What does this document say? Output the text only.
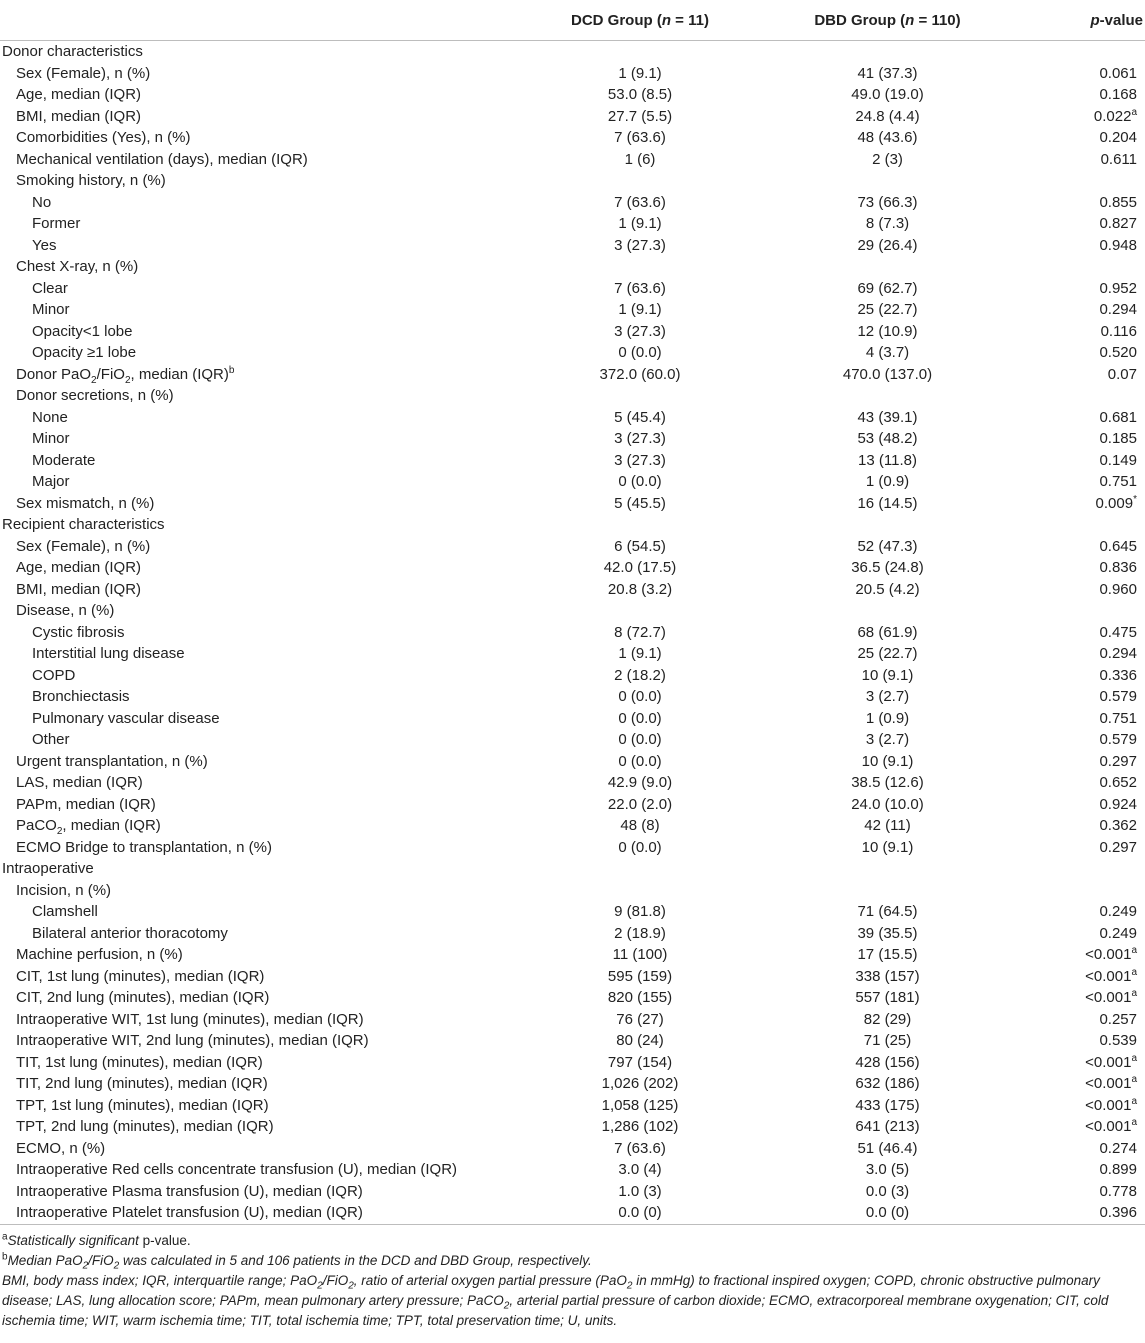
	DCD Group (n = 11)	DBD Group (n = 110)	p-value
Donor characteristics			
Sex (Female), n (%)	1 (9.1)	41 (37.3)	0.061
Age, median (IQR)	53.0 (8.5)	49.0 (19.0)	0.168
BMI, median (IQR)	27.7 (5.5)	24.8 (4.4)	0.022$^a$
Comorbidities (Yes), n (%)	7 (63.6)	48 (43.6)	0.204
Mechanical ventilation (days), median (IQR)	1 (6)	2 (3)	0.611
Smoking history, n (%)			
No	7 (63.6)	73 (66.3)	0.855
Former	1 (9.1)	8 (7.3)	0.827
Yes	3 (27.3)	29 (26.4)	0.948
Chest X-ray, n (%)			
Clear	7 (63.6)	69 (62.7)	0.952
Minor	1 (9.1)	25 (22.7)	0.294
Opacity<1 lobe	3 (27.3)	12 (10.9)	0.116
Opacity ≥1 lobe	0 (0.0)	4 (3.7)	0.520
Donor PaO$_2$/FiO$_2$, median (IQR)$^b$	372.0 (60.0)	470.0 (137.0)	0.07
Donor secretions, n (%)			
None	5 (45.4)	43 (39.1)	0.681
Minor	3 (27.3)	53 (48.2)	0.185
Moderate	3 (27.3)	13 (11.8)	0.149
Major	0 (0.0)	1 (0.9)	0.751
Sex mismatch, n (%)	5 (45.5)	16 (14.5)	0.009*
Recipient characteristics			
Sex (Female), n (%)	6 (54.5)	52 (47.3)	0.645
Age, median (IQR)	42.0 (17.5)	36.5 (24.8)	0.836
BMI, median (IQR)	20.8 (3.2)	20.5 (4.2)	0.960
Disease, n (%)			
Cystic fibrosis	8 (72.7)	68 (61.9)	0.475
Interstitial lung disease	1 (9.1)	25 (22.7)	0.294
COPD	2 (18.2)	10 (9.1)	0.336
Bronchiectasis	0 (0.0)	3 (2.7)	0.579
Pulmonary vascular disease	0 (0.0)	1 (0.9)	0.751
Other	0 (0.0)	3 (2.7)	0.579
Urgent transplantation, n (%)	0 (0.0)	10 (9.1)	0.297
LAS, median (IQR)	42.9 (9.0)	38.5 (12.6)	0.652
PAPm, median (IQR)	22.0 (2.0)	24.0 (10.0)	0.924
PaCO$_2$, median (IQR)	48 (8)	42 (11)	0.362
ECMO Bridge to transplantation, n (%)	0 (0.0)	10 (9.1)	0.297
Intraoperative			
Incision, n (%)			
Clamshell	9 (81.8)	71 (64.5)	0.249
Bilateral anterior thoracotomy	2 (18.9)	39 (35.5)	0.249
Machine perfusion, n (%)	11 (100)	17 (15.5)	<0.001$^a$
CIT, 1st lung (minutes), median (IQR)	595 (159)	338 (157)	<0.001$^a$
CIT, 2nd lung (minutes), median (IQR)	820 (155)	557 (181)	<0.001$^a$
Intraoperative WIT, 1st lung (minutes), median (IQR)	76 (27)	82 (29)	0.257
Intraoperative WIT, 2nd lung (minutes), median (IQR)	80 (24)	71 (25)	0.539
TIT, 1st lung (minutes), median (IQR)	797 (154)	428 (156)	<0.001$^a$
TIT, 2nd lung (minutes), median (IQR)	1,026 (202)	632 (186)	<0.001$^a$
TPT, 1st lung (minutes), median (IQR)	1,058 (125)	433 (175)	<0.001$^a$
TPT, 2nd lung (minutes), median (IQR)	1,286 (102)	641 (213)	<0.001$^a$
ECMO, n (%)	7 (63.6)	51 (46.4)	0.274
Intraoperative Red cells concentrate transfusion (U), median (IQR)	3.0 (4)	3.0 (5)	0.899
Intraoperative Plasma transfusion (U), median (IQR)	1.0 (3)	0.0 (3)	0.778
Intraoperative Platelet transfusion (U), median (IQR)	0.0 (0)	0.0 (0)	0.396
$^a$Statistically significant p-value.
$^b$Median PaO$_2$/FiO$_2$ was calculated in 5 and 106 patients in the DCD and DBD Group, respectively.
BMI, body mass index; IQR, interquartile range; PaO$_2$/FiO$_2$, ratio of arterial oxygen partial pressure (PaO$_2$ in mmHg) to fractional inspired oxygen; COPD, chronic obstructive pulmonary disease; LAS, lung allocation score; PAPm, mean pulmonary artery pressure; PaCO$_2$, arterial partial pressure of carbon dioxide; ECMO, extracorporeal membrane oxygenation; CIT, cold ischemia time; WIT, warm ischemia time; TIT, total ischemia time; TPT, total preservation time; U, units.
